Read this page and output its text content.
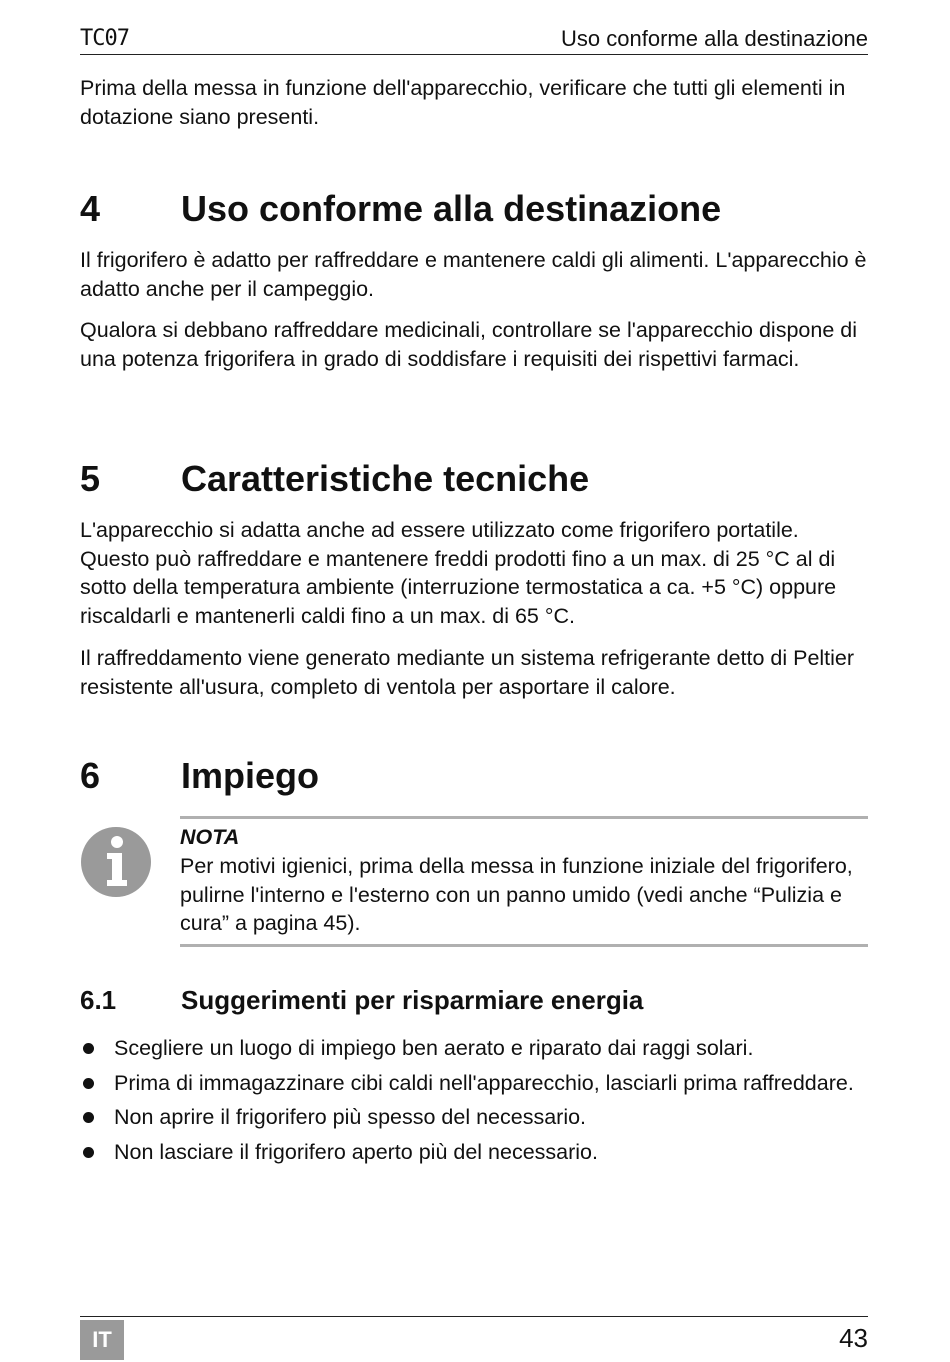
TC07	Uso conforme alla destinazione

Prima della messa in funzione dell'apparecchio, verificare che tutti gli elementi in dotazione siano presenti.

4 Uso conforme alla destinazione

Il frigorifero è adatto per raffreddare e mantenere caldi gli alimenti. L'apparecchio è adatto anche per il campeggio.

Qualora si debbano raffreddare medicinali, controllare se l'apparecchio dispone di una potenza frigorifera in grado di soddisfare i requisiti dei rispettivi farmaci.

5 Caratteristiche tecniche

L'apparecchio si adatta anche ad essere utilizzato come frigorifero portatile. Questo può raffreddare e mantenere freddi prodotti fino a un max. di 25 °C al di sotto della temperatura ambiente (interruzione termostatica a ca. +5 °C) oppure riscaldarli e mantenerli caldi fino a un max. di 65 °C.

Il raffreddamento viene generato mediante un sistema refrigerante detto di Peltier resistente all'usura, completo di ventola per asportare il calore.

6 Impiego
NOTA

Per motivi igienici, prima della messa in funzione iniziale del frigorifero, pulirne l'interno e l'esterno con un panno umido (vedi anche “Pulizia e cura” a pagina 45).

6.1 Suggerimenti per risparmiare energia
Scegliere un luogo di impiego ben aerato e riparato dai raggi solari.
Prima di immagazzinare cibi caldi nell'apparecchio, lasciarli prima raffreddare.
Non aprire il frigorifero più spesso del necessario.
Non lasciare il frigorifero aperto più del necessario.
IT	43
